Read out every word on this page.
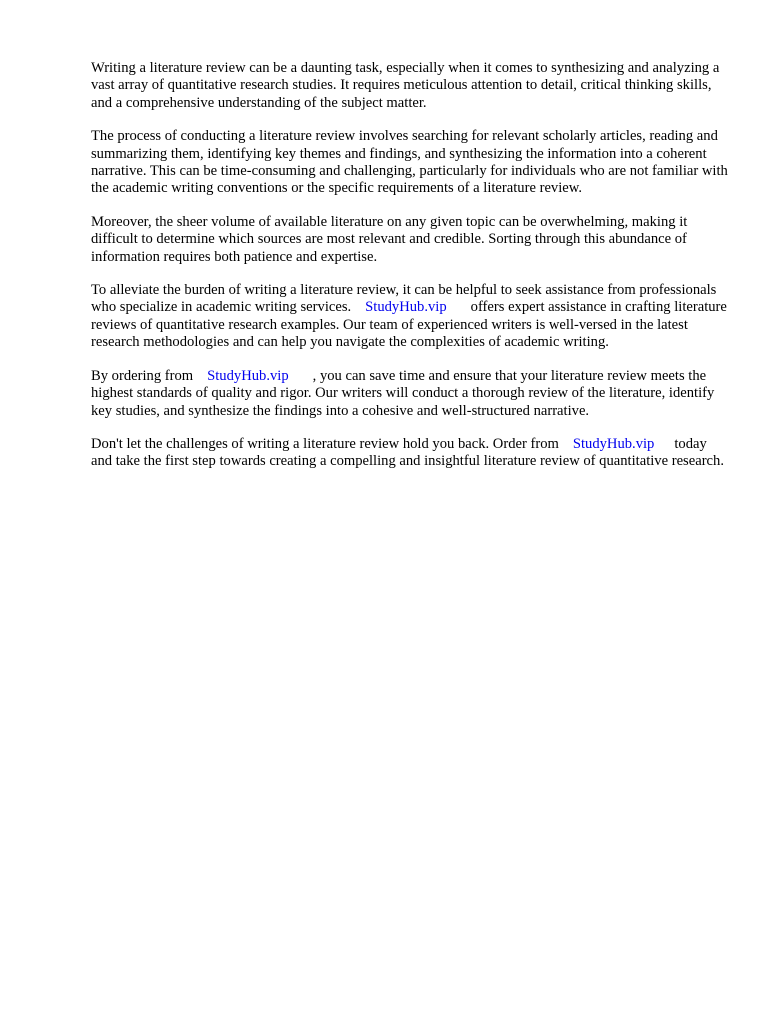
Writing a literature review can be a daunting task, especially when it comes to synthesizing and analyzing a vast array of quantitative research studies. It requires meticulous attention to detail, critical thinking skills, and a comprehensive understanding of the subject matter.

The process of conducting a literature review involves searching for relevant scholarly articles, reading and summarizing them, identifying key themes and findings, and synthesizing the information into a coherent narrative. This can be time-consuming and challenging, particularly for individuals who are not familiar with the academic writing conventions or the specific requirements of a literature review.

Moreover, the sheer volume of available literature on any given topic can be overwhelming, making it difficult to determine which sources are most relevant and credible. Sorting through this abundance of information requires both patience and expertise.

To alleviate the burden of writing a literature review, it can be helpful to seek assistance from professionals who specialize in academic writing services. StudyHub.vip offers expert assistance in crafting literature reviews of quantitative research examples. Our team of experienced writers is well-versed in the latest research methodologies and can help you navigate the complexities of academic writing.

By ordering from StudyHub.vip , you can save time and ensure that your literature review meets the highest standards of quality and rigor. Our writers will conduct a thorough review of the literature, identify key studies, and synthesize the findings into a cohesive and well-structured narrative.

Don't let the challenges of writing a literature review hold you back. Order from StudyHub.vip today and take the first step towards creating a compelling and insightful literature review of quantitative research.
